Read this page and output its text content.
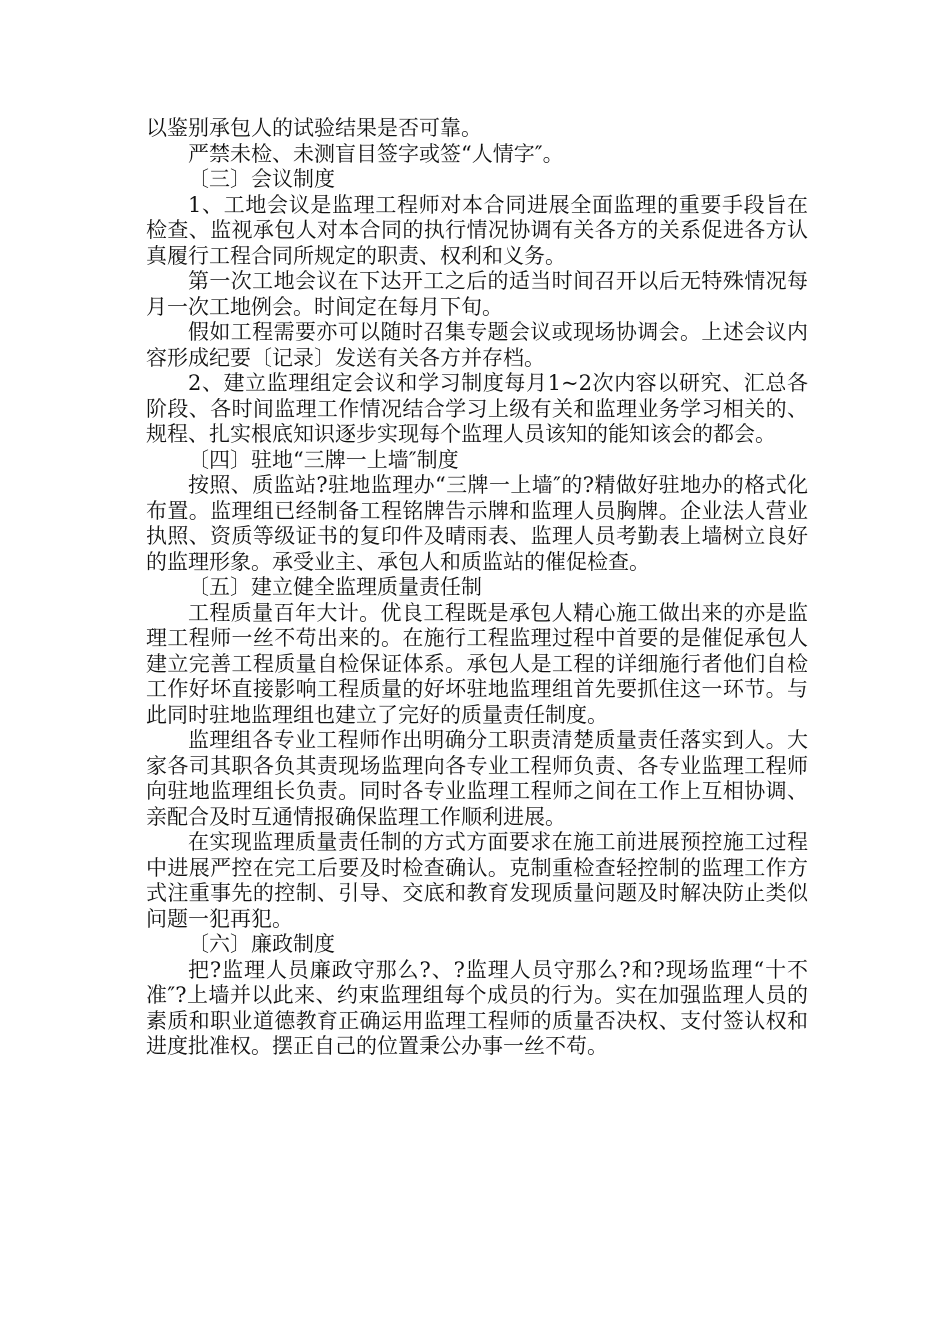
以鉴别承包人的试验结果是否可靠。

严禁未检、未测盲目签字或签“人情字″。

〔三〕会议制度

1、工地会议是监理工程师对本合同进展全面监理的重要手段旨在检查、监视承包人对本合同的执行情况协调有关各方的关系促进各方认真履行工程合同所规定的职责、权利和义务。

第一次工地会议在下达开工之后的适当时间召开以后无特殊情况每月一次工地例会。时间定在每月下旬。

假如工程需要亦可以随时召集专题会议或现场协调会。上述会议内容形成纪要〔记录〕发送有关各方并存档。

2、建立监理组定会议和学习制度每月1~2次内容以研究、汇总各阶段、各时间监理工作情况结合学习上级有关和监理业务学习相关的、规程、扎实根底知识逐步实现每个监理人员该知的能知该会的都会。

〔四〕驻地“三牌一上墙″制度

按照、质监站?驻地监理办“三牌一上墙″的?精做好驻地办的格式化布置。监理组已经制备工程铭牌告示牌和监理人员胸牌。企业法人营业执照、资质等级证书的复印件及晴雨表、监理人员考勤表上墙树立良好的监理形象。承受业主、承包人和质监站的催促检查。

〔五〕建立健全监理质量责任制

工程质量百年大计。优良工程既是承包人精心施工做出来的亦是监理工程师一丝不苟出来的。在施行工程监理过程中首要的是催促承包人建立完善工程质量自检保证体系。承包人是工程的详细施行者他们自检工作好坏直接影响工程质量的好坏驻地监理组首先要抓住这一环节。与此同时驻地监理组也建立了完好的质量责任制度。

监理组各专业工程师作出明确分工职责清楚质量责任落实到人。大家各司其职各负其责现场监理向各专业工程师负责、各专业监理工程师向驻地监理组长负责。同时各专业监理工程师之间在工作上互相协调、亲配合及时互通情报确保监理工作顺利进展。

在实现监理质量责任制的方式方面要求在施工前进展预控施工过程中进展严控在完工后要及时检查确认。克制重检查轻控制的监理工作方式注重事先的控制、引导、交底和教育发现质量问题及时解决防止类似问题一犯再犯。

〔六〕廉政制度

把?监理人员廉政守那么?、?监理人员守那么?和?现场监理“十不准″?上墙并以此来、约束监理组每个成员的行为。实在加强监理人员的素质和职业道德教育正确运用监理工程师的质量否决权、支付签认权和进度批准权。摆正自己的位置秉公办事一丝不苟。
